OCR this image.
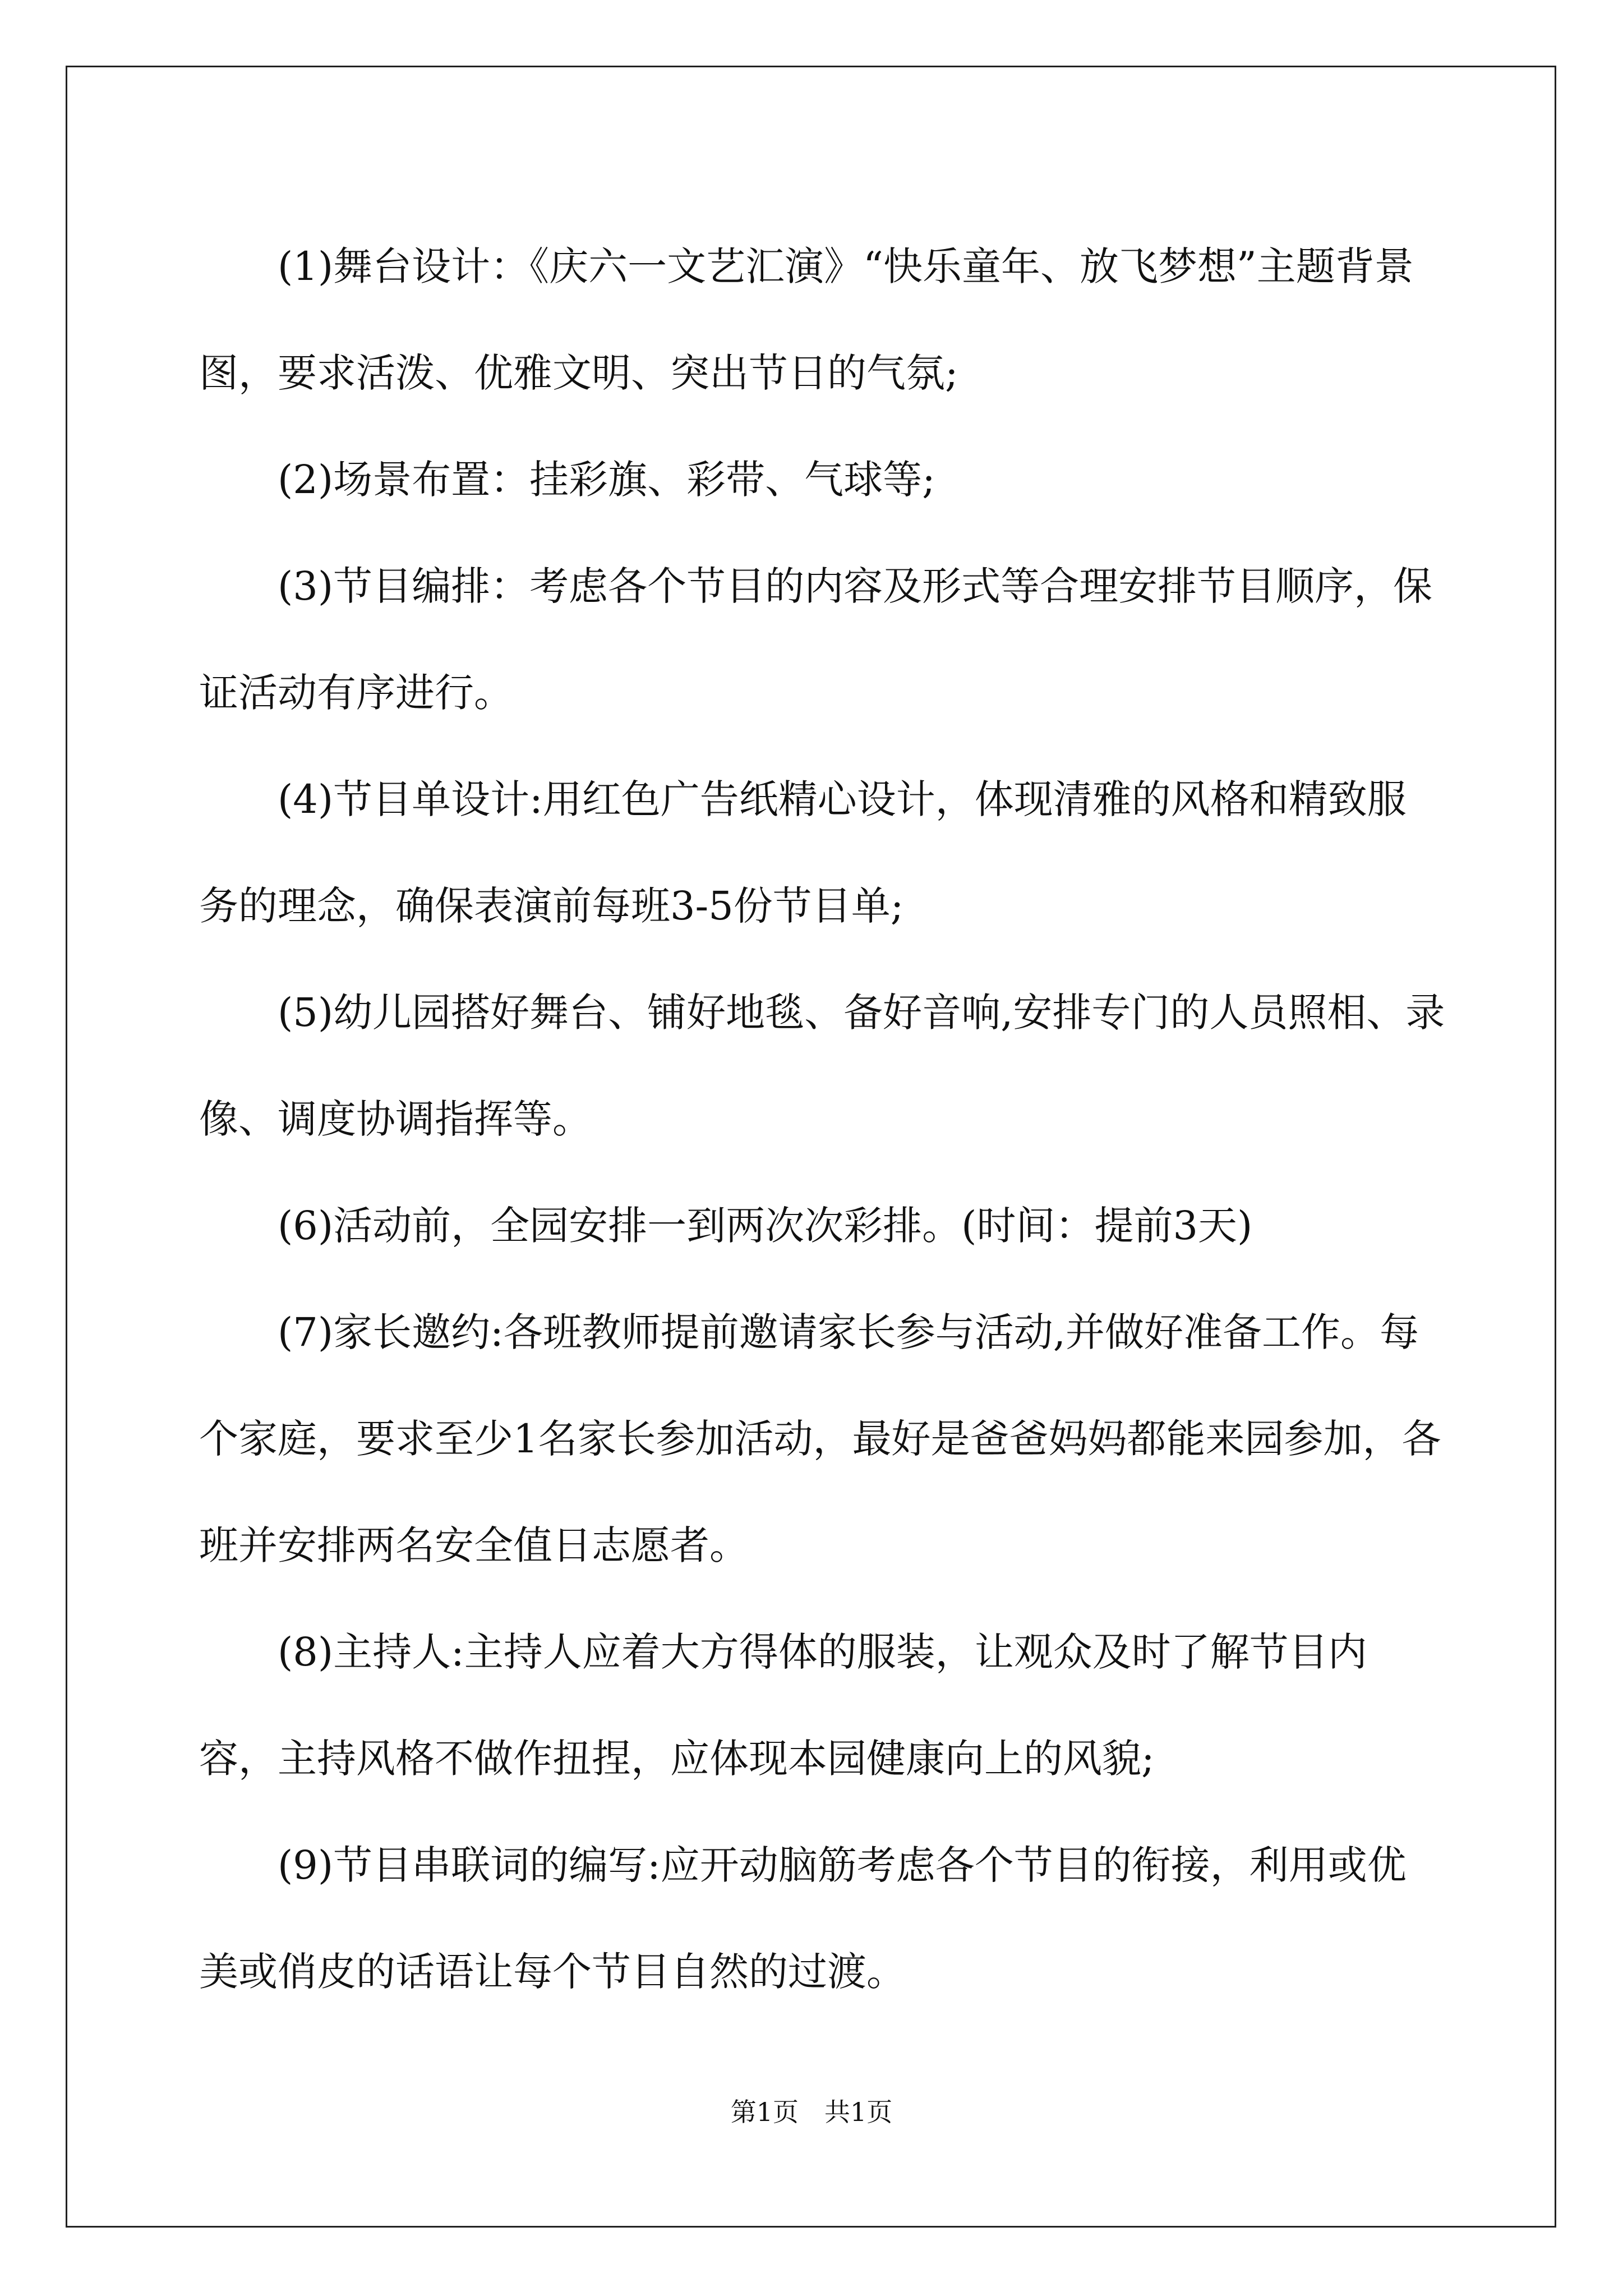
(1)舞台设计：《庆六一文艺汇演》“快乐童年、放飞梦想”主题背景图，要求活泼、优雅文明、突出节日的气氛;

(2)场景布置：挂彩旗、彩带、气球等;

(3)节目编排：考虑各个节目的内容及形式等合理安排节目顺序，保证活动有序进行。

(4)节目单设计:用红色广告纸精心设计，体现清雅的风格和精致服务的理念，确保表演前每班3-5份节目单;

(5)幼儿园搭好舞台、铺好地毯、备好音响,安排专门的人员照相、录像、调度协调指挥等。

(6)活动前，全园安排一到两次次彩排。(时间：提前3天)

(7)家长邀约:各班教师提前邀请家长参与活动,并做好准备工作。每个家庭，要求至少1名家长参加活动，最好是爸爸妈妈都能来园参加，各班并安排两名安全值日志愿者。

(8)主持人:主持人应着大方得体的服装，让观众及时了解节目内容，主持风格不做作扭捏，应体现本园健康向上的风貌;

(9)节目串联词的编写:应开动脑筋考虑各个节目的衔接，利用或优美或俏皮的话语让每个节目自然的过渡。

第1页 共1页
